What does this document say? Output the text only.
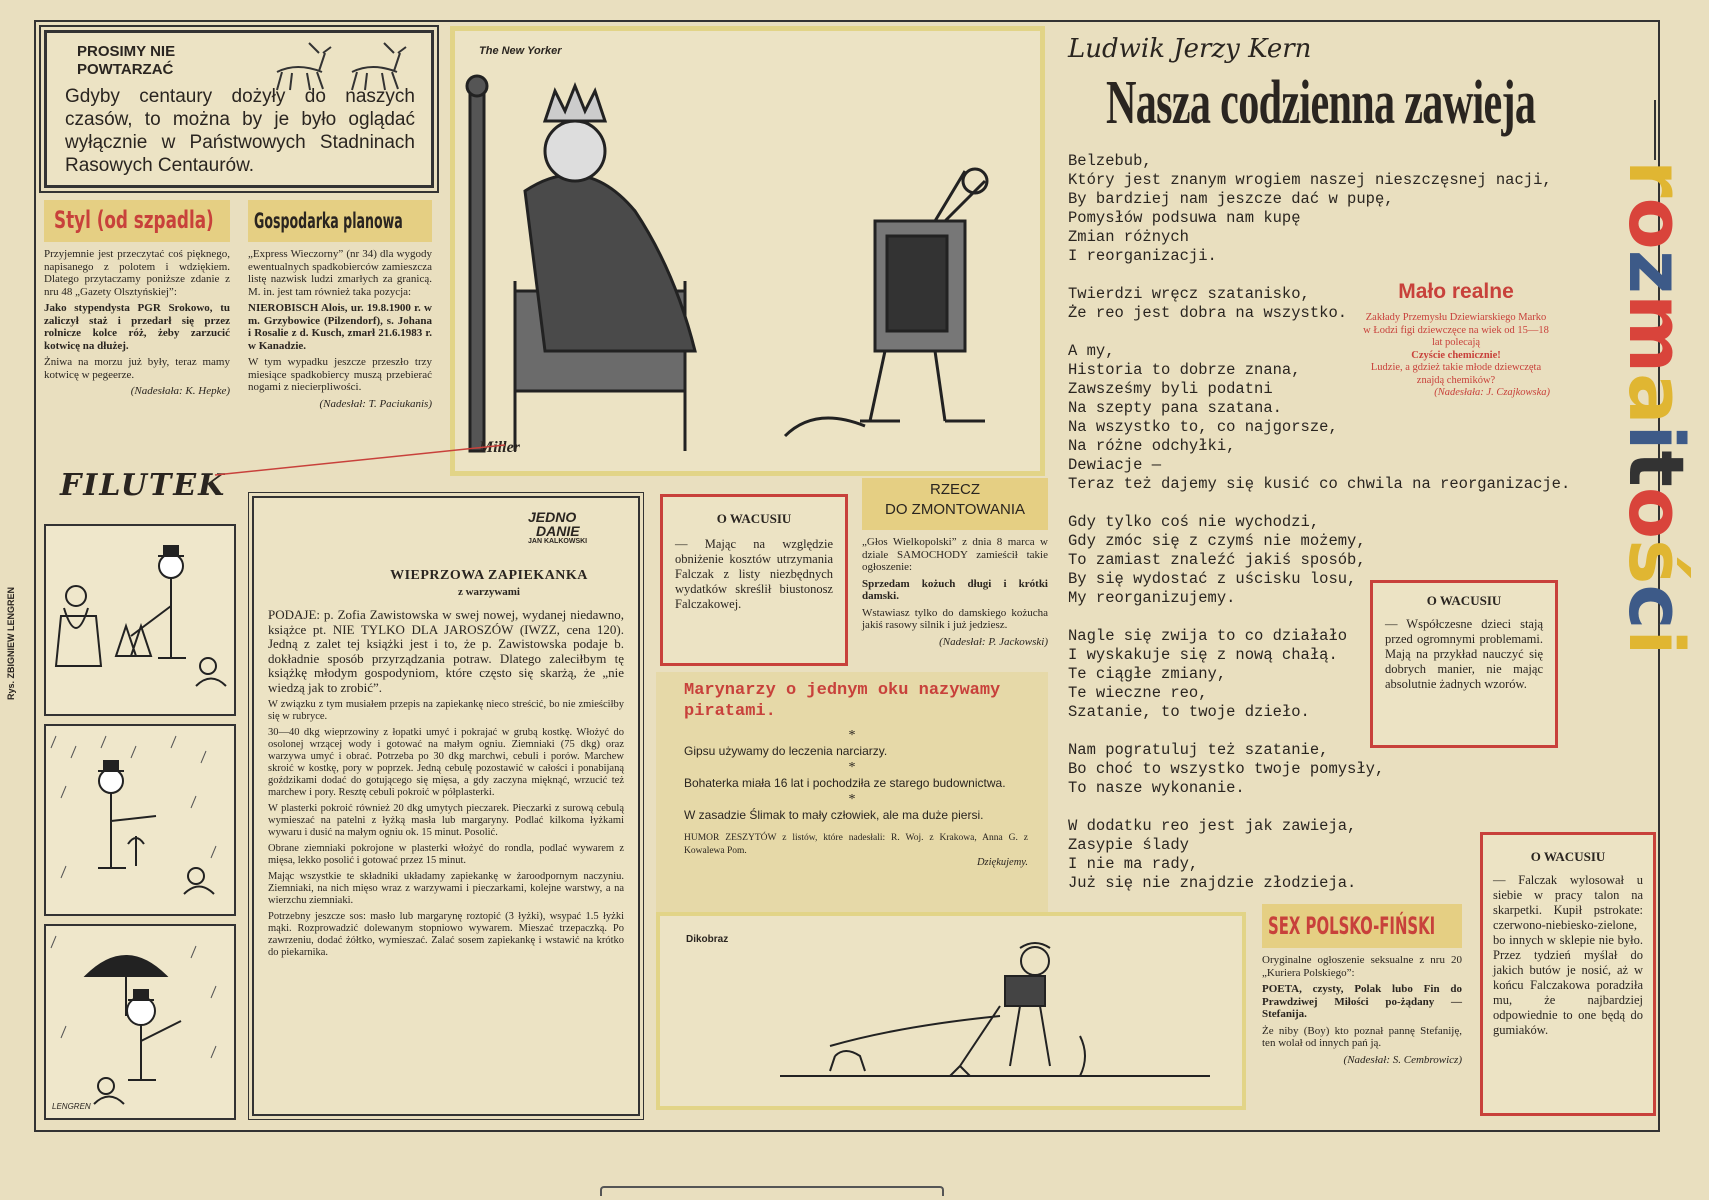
Rys. ZBIGNIEW LENGREN
PROSIMY NIE POWTARZAĆ
Gdyby centaury dożyły do naszych czasów, to można by je było oglądać wyłącznie w Państwowych Stadninach Rasowych Centaurów.
Styl (od szpadla)

Przyjemnie jest przeczytać coś pięknego, napisanego z polotem i wdziękiem. Dlatego przytaczamy poniższe zdanie z nru 48 „Gazety Olsztyńskiej”:

Jako stypendysta PGR Srokowo, tu zaliczył staż i przedarł się przez rolnicze kolce róż, żeby zarzucić kotwicę na dłużej.

Żniwa na morzu już były, teraz mamy kotwicę w pegeerze.

(Nadesłała: K. Hepke)

Gospodarka planowa

„Express Wieczorny” (nr 34) dla wygody ewentualnych spadkobierców zamieszcza listę nazwisk ludzi zmarłych za granicą. M. in. jest tam również taka pozycja:

NIEROBISCH Alois, ur. 19.8.1900 r. w m. Grzybowice (Pilzendorf), s. Johana i Rosalie z d. Kusch, zmarł 21.6.1983 r. w Kanadzie.

W tym wypadku jeszcze przeszło trzy miesiące spadkobiercy muszą przebierać nogami z niecierpliwości.

(Nadesłał: T. Paciukanis)

The New Yorker
Miller
FILUTEK
LENGREN
JEDNO
DANIE
JAN KALKOWSKI
WIEPRZOWA ZAPIEKANKA
z warzywami

PODAJE: p. Zofia Zawistowska w swej nowej, wydanej niedawno, książce pt. NIE TYLKO DLA JAROSZÓW (IWZZ, cena 120). Jedną z zalet tej książki jest i to, że p. Zawistowska podaje b. dokładnie sposób przyrządzania potraw. Dlatego zaleciłbym tę książkę młodym gospodyniom, które często się skarżą, że „nie wiedzą jak to zrobić”.

W związku z tym musiałem przepis na zapiekankę nieco streścić, bo nie zmieściłby się w rubryce.

30—40 dkg wieprzowiny z łopatki umyć i pokrajać w grubą kostkę. Włożyć do osolonej wrzącej wody i gotować na małym ogniu. Ziemniaki (75 dkg) oraz warzywa umyć i obrać. Potrzeba po 30 dkg marchwi, cebuli i porów. Marchew skroić w kostkę, pory w poprzek. Jedną cebulę pozostawić w całości i ponabijaną goździkami dodać do gotującego się mięsa, a gdy zaczyna mięknąć, wrzucić też marchew i pory. Resztę cebuli pokroić w półplasterki.

W plasterki pokroić również 20 dkg umytych pieczarek. Pieczarki z surową cebulą wymieszać na patelni z łyżką masła lub margaryny. Podlać kilkoma łyżkami wywaru i dusić na małym ogniu ok. 15 minut. Posolić.

Obrane ziemniaki pokrojone w plasterki włożyć do rondla, podlać wywarem z mięsa, lekko posolić i gotować przez 15 minut.

Mając wszystkie te składniki układamy zapiekankę w żaroodpornym naczyniu. Ziemniaki, na nich mięso wraz z warzywami i pieczarkami, kolejne warstwy, a na wierzchu ziemniaki.

Potrzebny jeszcze sos: masło lub margarynę roztopić (3 łyżki), wsypać 1.5 łyżki mąki. Rozprowadzić dolewanym stopniowo wywarem. Mieszać trzepaczką. Po zawrzeniu, dodać żółtko, wymieszać. Zalać sosem zapiekankę i wstawić na krótko do piekarnika.

O WACUSIU
— Mając na względzie obniżenie kosztów utrzymania Falczak z listy niezbędnych wydatków skreślił biustonosz Falczakowej.
RZECZ
DO ZMONTOWANIA

„Głos Wielkopolski” z dnia 8 marca w dziale SAMOCHODY zamieścił takie ogłoszenie:

Sprzedam kożuch długi i krótki damski.

Wstawiasz tylko do damskiego kożucha jakiś rasowy silnik i już jedziesz.

(Nadesłał: P. Jackowski)

Marynarzy o jednym oku nazywamy piratami.
*
Gipsu używamy do leczenia narciarzy.
*
Bohaterka miała 16 lat i pochodziła ze starego budownictwa.
*
W zasadzie Ślimak to mały człowiek, ale ma duże piersi.
HUMOR ZESZYTÓW z listów, które nadesłali: R. Woj. z Krakowa, Anna G. z Kowalewa Pom.
Dziękujemy.
Dikobraz
Ludwik Jerzy Kern
Nasza codzienna zawieja
Belzebub,
Który jest znanym wrogiem naszej nieszczęsnej nacji,
By bardziej nam jeszcze dać w pupę,
Pomysłów podsuwa nam kupę
Zmian różnych
I reorganizacji.

Twierdzi wręcz szatanisko,
Że reo jest dobra na wszystko.

A my,
Historia to dobrze znana,
Zawsześmy byli podatni
Na szepty pana szatana.
Na wszystko to, co najgorsze,
Na różne odchyłki,
Dewiacje —
Teraz też dajemy się kusić co chwila na reorganizacje.

Gdy tylko coś nie wychodzi,
Gdy zmóc się z czymś nie możemy,
To zamiast znaleźć jakiś sposób,
By się wydostać z uścisku losu,
My reorganizujemy.

Nagle się zwija to co działało
I wyskakuje się z nową chałą.
Te ciągłe zmiany,
Te wieczne reo,
Szatanie, to twoje dzieło.

Nam pogratuluj też szatanie,
Bo choć to wszystko twoje pomysły,
To nasze wykonanie.

W dodatku reo jest jak zawieja,
Zasypie ślady
I nie ma rady,
Już się nie znajdzie złodzieja.
Mało realne
Zakłady Przemysłu Dziewiarskiego Marko w Łodzi figi dziewczęce na wiek od 15—18 lat polecają
Czyście chemicznie!
Ludzie, a gdzież takie młode dziewczęta znajdą chemików?
(Nadesłała: J. Czajkowska)
O WACUSIU
— Współczesne dzieci stają przed ogromnymi problemami. Mają na przykład nauczyć się dobrych manier, nie mając absolutnie żadnych wzorów.
O WACUSIU
— Falczak wylosował u siebie w pracy talon na skarpetki. Kupił pstrokate: czerwono-niebiesko-zielone, bo innych w sklepie nie było. Przez tydzień myślał do jakich butów je nosić, aż w końcu Falczakowa poradziła mu, że najbardziej odpowiednie to one będą do gumiaków.
SEX POLSKO-FIŃSKI

Oryginalne ogłoszenie seksualne z nru 20 „Kuriera Polskiego”:

POETA, czysty, Polak lubo Fin do Prawdziwej Miłości po-żądany — Stefanija.

Że niby (Boy) kto poznał pannę Stefaniję, ten wolał od innych pań ją.

(Nadesłał: S. Cembrowicz)

rozmaitości
